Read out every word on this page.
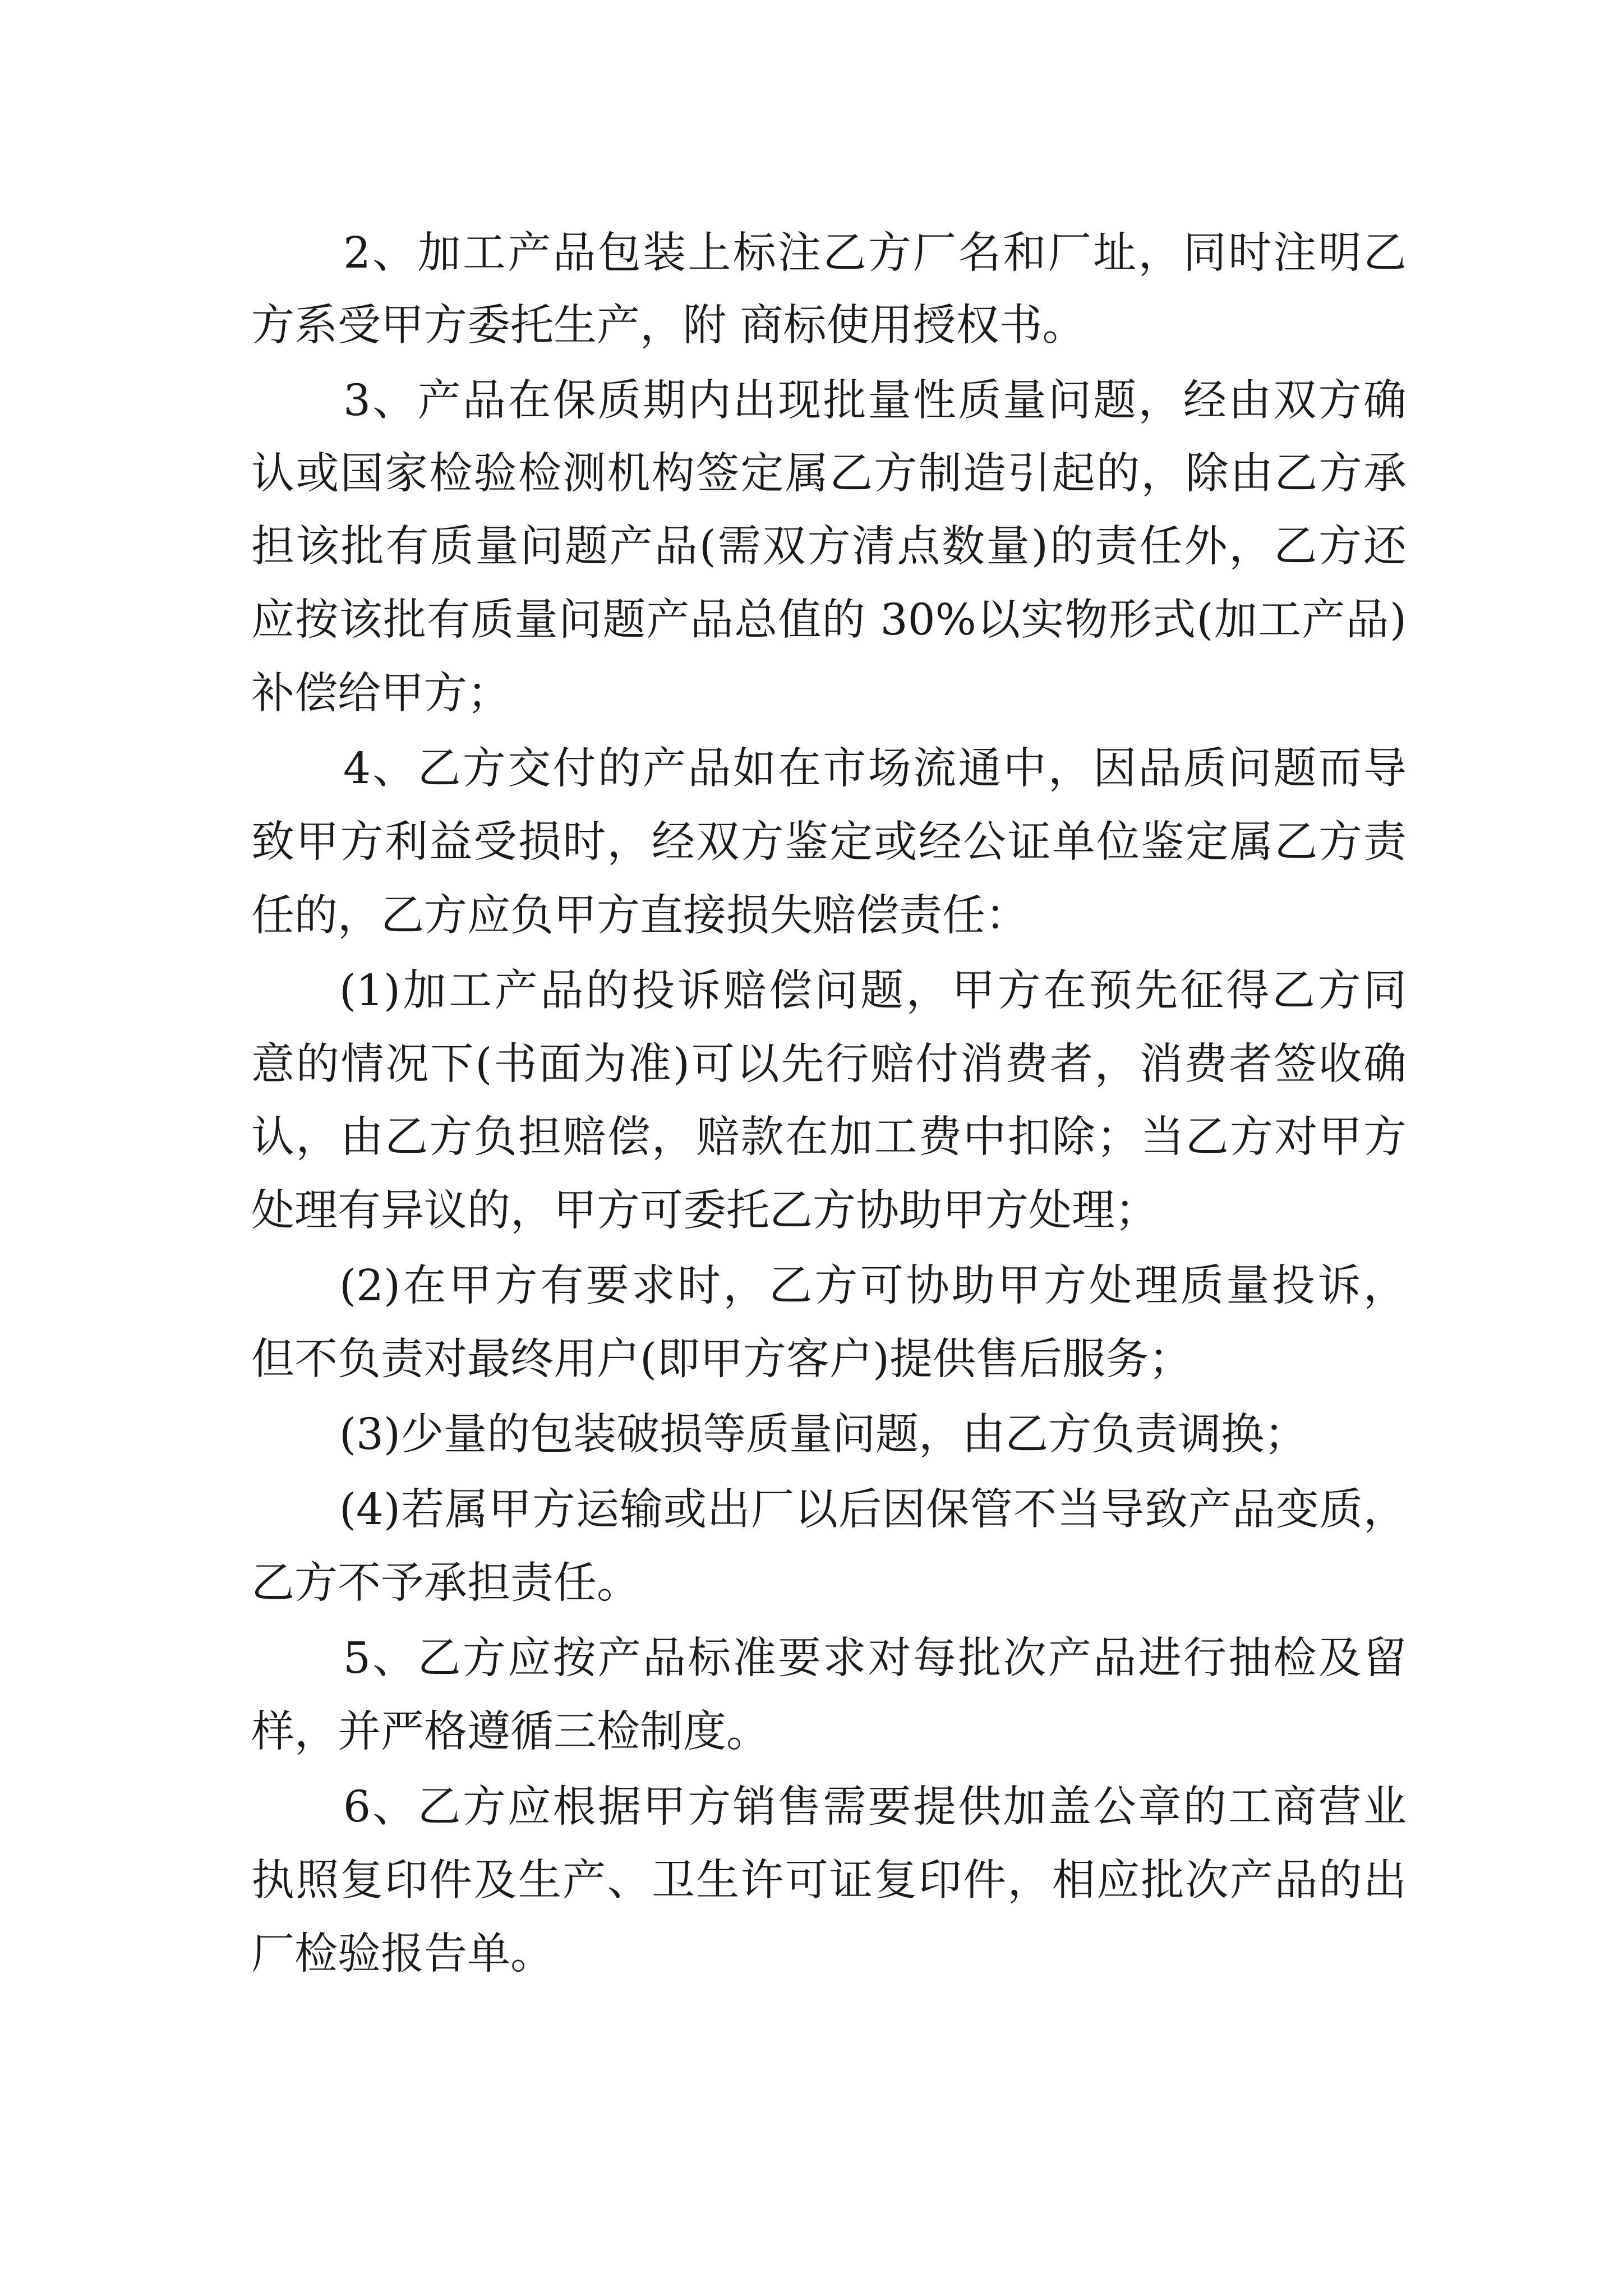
2、加工产品包装上标注乙方厂名和厂址，同时注明乙

方系受甲方委托生产，附 商标使用授权书。

3、产品在保质期内出现批量性质量问题，经由双方确

认或国家检验检测机构签定属乙方制造引起的，除由乙方承

担该批有质量问题产品(需双方清点数量)的责任外，乙方还

应按该批有质量问题产品总值的 30%以实物形式(加工产品)

补偿给甲方；

4、乙方交付的产品如在市场流通中，因品质问题而导

致甲方利益受损时，经双方鉴定或经公证单位鉴定属乙方责

任的，乙方应负甲方直接损失赔偿责任：

(1)加工产品的投诉赔偿问题，甲方在预先征得乙方同

意的情况下(书面为准)可以先行赔付消费者，消费者签收确

认，由乙方负担赔偿，赔款在加工费中扣除；当乙方对甲方

处理有异议的，甲方可委托乙方协助甲方处理；

(2)在甲方有要求时，乙方可协助甲方处理质量投诉，

但不负责对最终用户(即甲方客户)提供售后服务；

(3)少量的包装破损等质量问题，由乙方负责调换；

(4)若属甲方运输或出厂以后因保管不当导致产品变质，

乙方不予承担责任。

5、乙方应按产品标准要求对每批次产品进行抽检及留

样，并严格遵循三检制度。

6、乙方应根据甲方销售需要提供加盖公章的工商营业

执照复印件及生产、卫生许可证复印件，相应批次产品的出

厂检验报告单。
